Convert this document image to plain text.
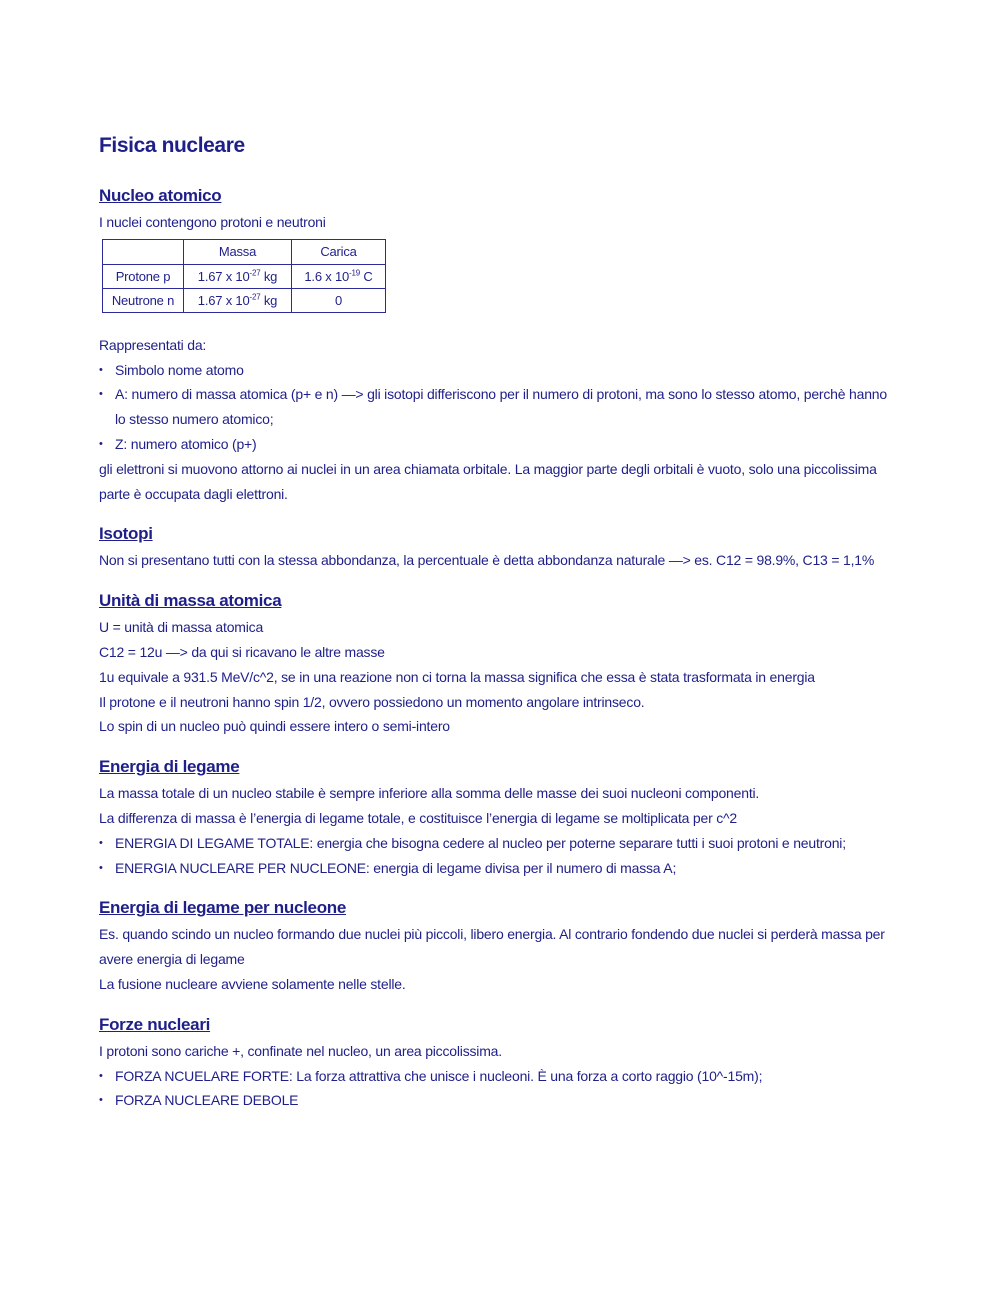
Fisica nucleare
Nucleo atomico

I nuclei contengono protoni e neutroni

	Massa	Carica
Protone p	1.67 x $10^{-27}$ kg	1.6 x $10^{-19}$ C
Neutrone n	1.67 x $10^{-27}$ kg	0

Rappresentati da:

• Simbolo nome atomo
• A: numero di massa atomica (p+ e n) —> gli isotopi differiscono per il numero di protoni, ma sono lo stesso atomo, perchè hanno lo stesso numero atomico;
• Z: numero atomico (p+)

gli elettroni si muovono attorno ai nuclei in un area chiamata orbitale. La maggior parte degli orbitali è vuoto, solo una piccolissima parte è occupata dagli elettroni.

Isotopi

Non si presentano tutti con la stessa abbondanza, la percentuale è detta abbondanza naturale —> es. C12 = 98.9%, C13 = 1,1%

Unità di massa atomica

U = unità di massa atomica

C12 = 12u —> da qui si ricavano le altre masse

1u equivale a 931.5 MeV/c^2, se in una reazione non ci torna la massa significa che essa è stata trasformata in energia

Il protone e il neutroni hanno spin 1/2, ovvero possiedono un momento angolare intrinseco.

Lo spin di un nucleo può quindi essere intero o semi-intero

Energia di legame

La massa totale di un nucleo stabile è sempre inferiore alla somma delle masse dei suoi nucleoni componenti.

La differenza di massa è l’energia di legame totale, e costituisce l’energia di legame se moltiplicata per c^2

• ENERGIA DI LEGAME TOTALE: energia che bisogna cedere al nucleo per poterne separare tutti i suoi protoni e neutroni;
• ENERGIA NUCLEARE PER NUCLEONE: energia di legame divisa per il numero di massa A;
Energia di legame per nucleone

Es. quando scindo un nucleo formando due nuclei più piccoli, libero energia. Al contrario fondendo due nuclei si perderà massa per avere energia di legame

La fusione nucleare avviene solamente nelle stelle.

Forze nucleari

I protoni sono cariche +, confinate nel nucleo, un area piccolissima.

• FORZA NCUELARE FORTE: La forza attrattiva che unisce i nucleoni. È una forza a corto raggio (10^-15m);
• FORZA NUCLEARE DEBOLE
